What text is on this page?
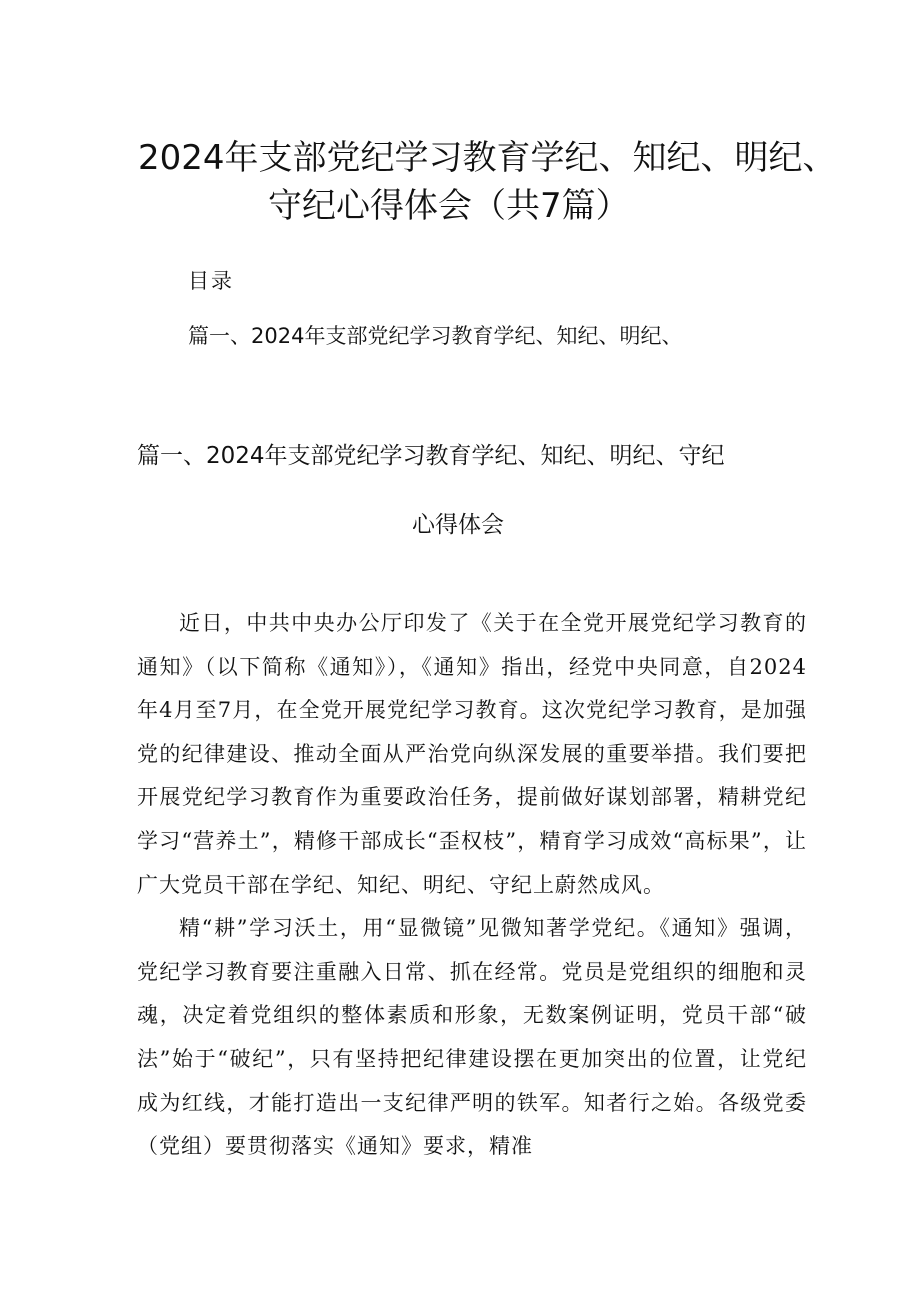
2024年支部党纪学习教育学纪、知纪、明纪、
守纪心得体会（共7篇）
目录
篇一、2024年支部党纪学习教育学纪、知纪、明纪、
篇一、2024年支部党纪学习教育学纪、知纪、明纪、守纪
心得体会

近日，中共中央办公厅印发了《关于在全党开展党纪学习教育的通知》（以下简称《通知》），《通知》指出，经党中央同意，自2024年4月至7月，在全党开展党纪学习教育。这次党纪学习教育，是加强党的纪律建设、推动全面从严治党向纵深发展的重要举措。我们要把开展党纪学习教育作为重要政治任务，提前做好谋划部署，精耕党纪学习“营养土”，精修干部成长“歪权枝”，精育学习成效“高标果”，让广大党员干部在学纪、知纪、明纪、守纪上蔚然成风。

精“耕”学习沃土，用“显微镜”见微知著学党纪。《通知》强调，党纪学习教育要注重融入日常、抓在经常。党员是党组织的细胞和灵魂，决定着党组织的整体素质和形象，无数案例证明，党员干部“破法”始于“破纪”，只有坚持把纪律建设摆在更加突出的位置，让党纪成为红线，才能打造出一支纪律严明的铁军。知者行之始。各级党委（党组）要贯彻落实《通知》要求，精准
